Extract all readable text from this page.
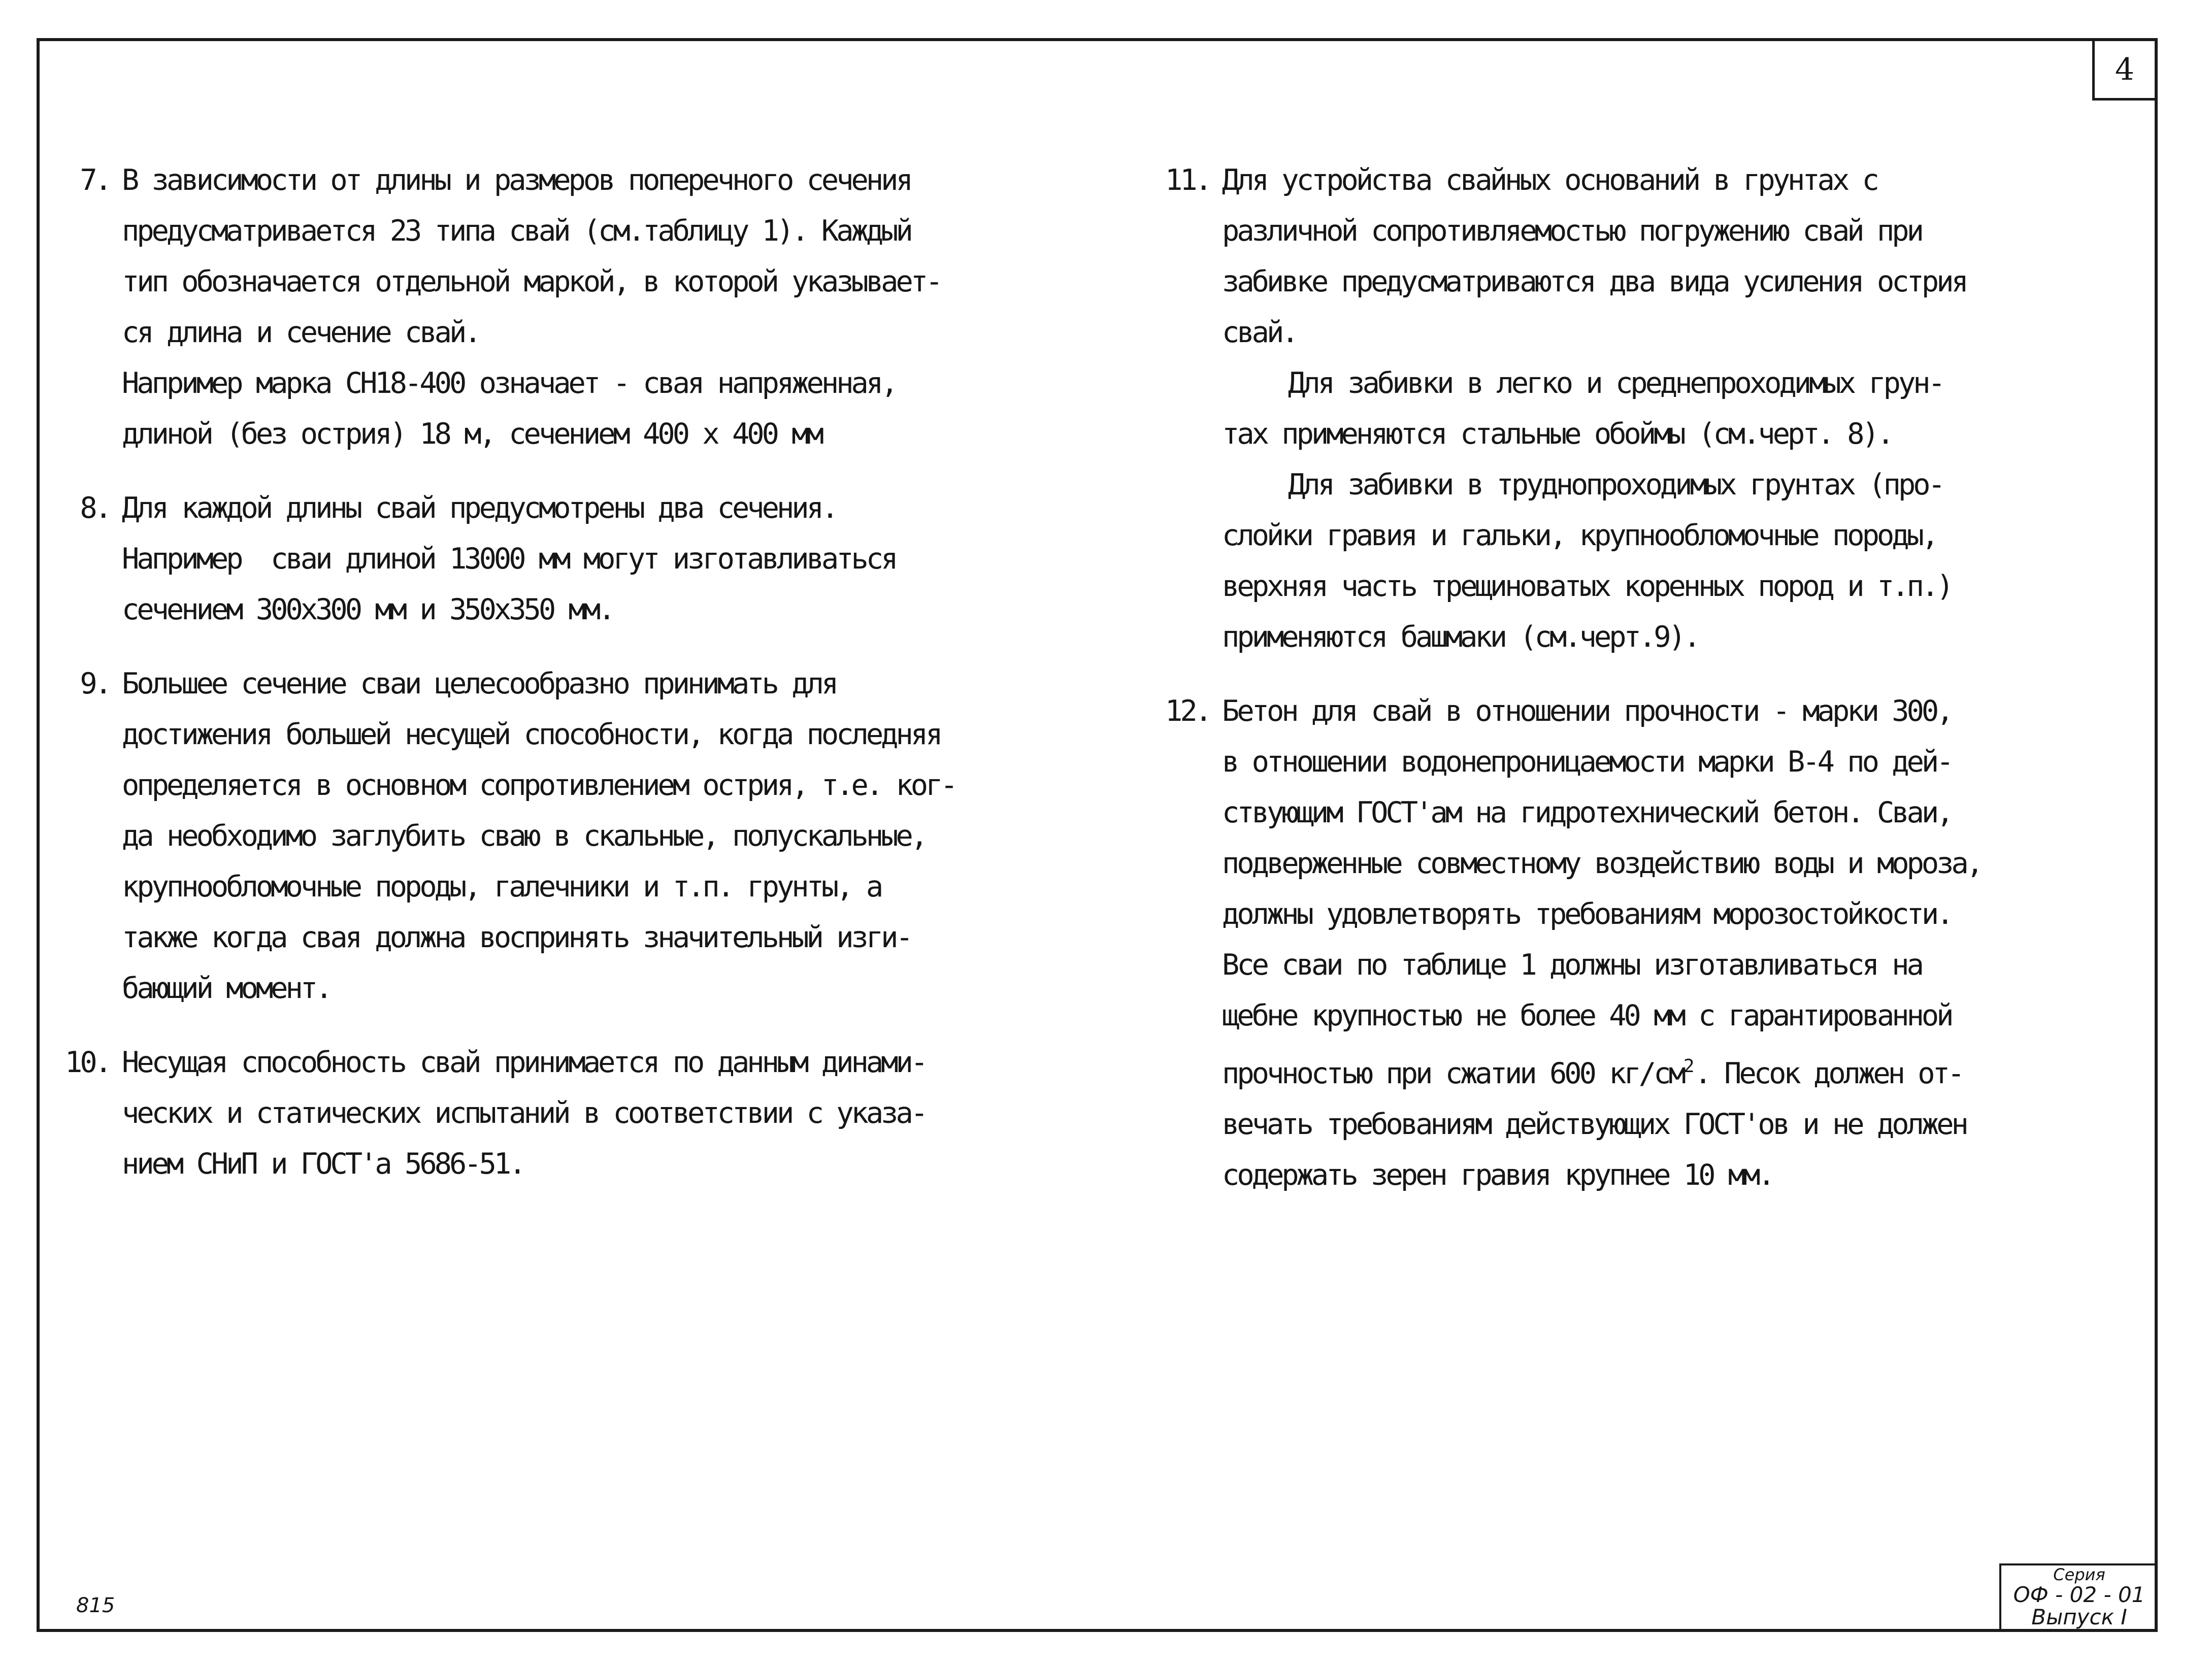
4

7. В зависимости от длины и размеров поперечного сечения

предусматривается 23 типа свай (см.таблицу 1). Каждый

тип обозначается отдельной маркой, в которой указывает-

ся длина и сечение свай.

Например марка СН18-400 означает - свая напряженная,

длиной (без острия) 18 м, сечением 400 x 400 мм

8. Для каждой длины свай предусмотрены два сечения.

Например  сваи длиной 13000 мм могут изготавливаться

сечением 300x300 мм и 350x350 мм.

9. Большее сечение сваи целесообразно принимать для

достижения большей несущей способности, когда последняя

определяется в основном сопротивлением острия, т.е. ког-

да необходимо заглубить сваю в скальные, полускальные,

крупнообломочные породы, галечники и т.п. грунты, а

также когда свая должна воспринять значительный изги-

бающий момент.

10. Несущая способность свай принимается по данным динами-

ческих и статических испытаний в соответствии с указа-

нием СНиП и ГОСТ'а 5686-51.

11. Для устройства свайных оснований в грунтах с

различной сопротивляемостью погружению свай при

забивке предусматриваются два вида усиления острия

свай.

Для забивки в легко и среднепроходимых грун-

тах применяются стальные обоймы (см.черт. 8).

Для забивки в труднопроходимых грунтах (про-

слойки гравия и гальки, крупнообломочные породы,

верхняя часть трещиноватых коренных пород и т.п.)

применяются башмаки (см.черт.9).

12. Бетон для свай в отношении прочности - марки 300,

в отношении водонепроницаемости марки В-4 по дей-

ствующим ГОСТ'ам на гидротехнический бетон. Сваи,

подверженные совместному воздействию воды и мороза,

должны удовлетворять требованиям морозостойкости.

Все сваи по таблице 1 должны изготавливаться на

щебне крупностью не более 40 мм с гарантированной

прочностью при сжатии 600 $кг/см^2$. Песок должен от-

вечать требованиям действующих ГОСТ'ов и не должен

содержать зерен гравия крупнее 10 мм.

815
Серия
ОФ - 02 - 01
Выпуск I
